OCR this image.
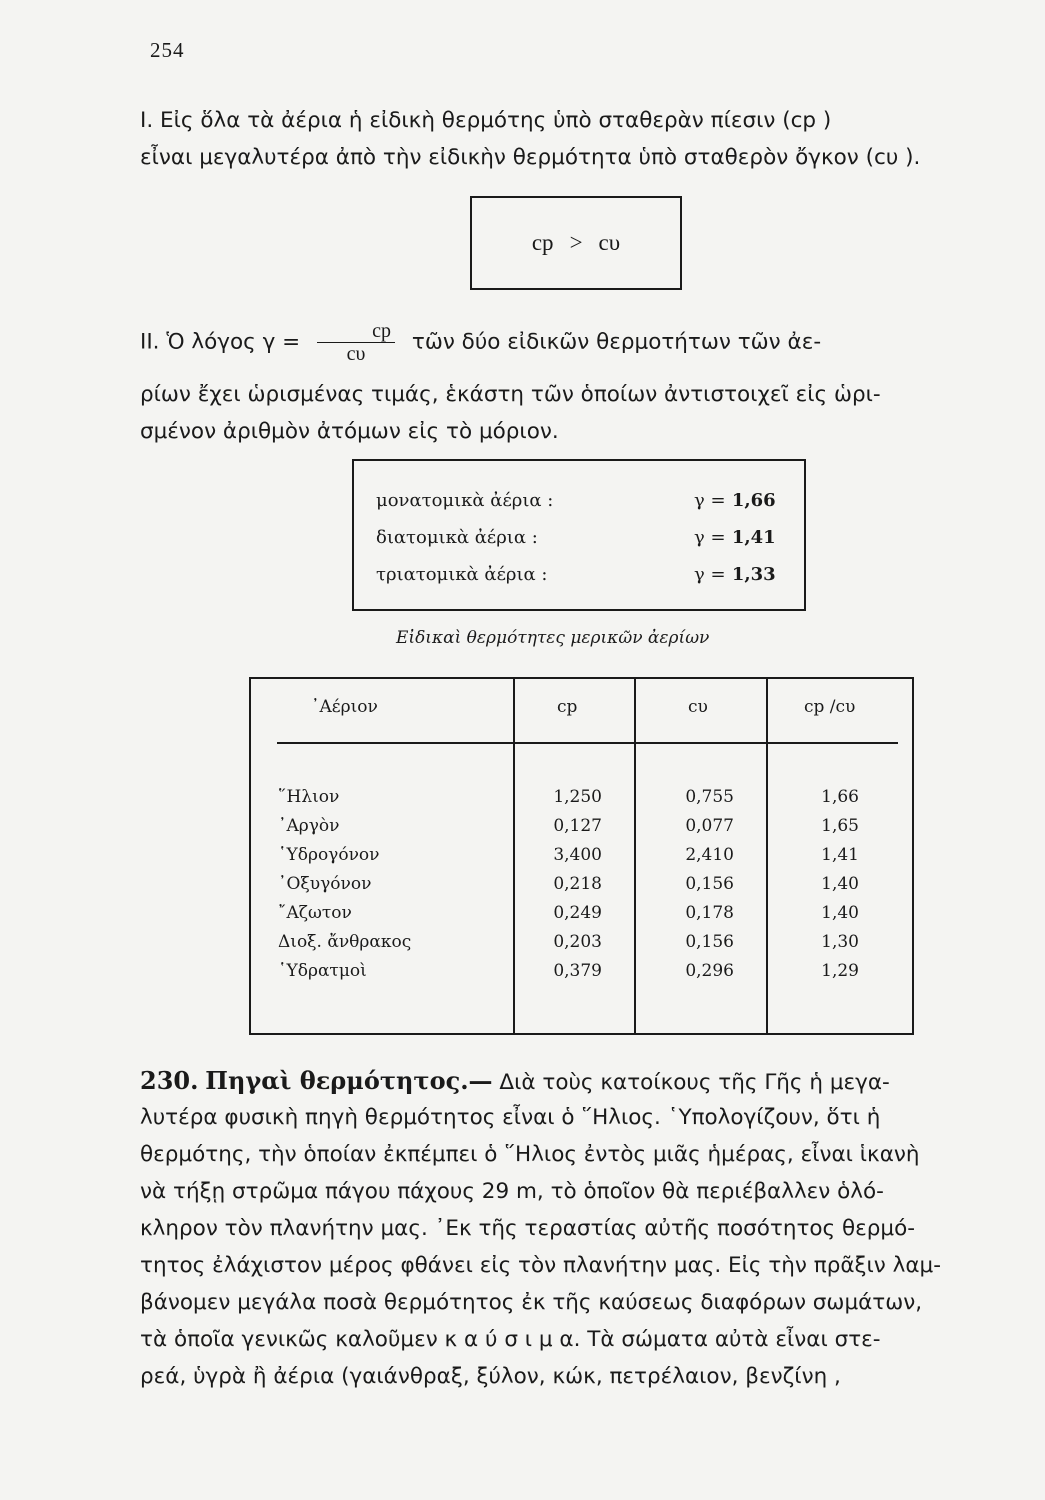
254
I. Εἰς ὅλα τὰ ἀέρια ἡ εἰδικὴ θερμότης ὑπὸ σταθερὰν πίεσιν (cp )
εἶναι μεγαλυτέρα ἀπὸ τὴν εἰδικὴν θερμότητα ὑπὸ σταθερὸν ὄγκον (cυ ).
cp > cυ
II. Ὁ λόγος $\gamma = \frac{cp}{c\upsilon}$ τῶν δύο εἰδικῶν θερμοτήτων τῶν ἀε-
ρίων ἔχει ὡρισμένας τιμάς, ἑκάστη τῶν ὁποίων ἀντιστοιχεῖ εἰς ὡρι-
σμένον ἀριθμὸν ἀτόμων εἰς τὸ μόριον.
μονατομικὰ ἀέρια :	γ = 1,66
διατομικὰ ἀέρια :	γ = 1,41
τριατομικὰ ἀέρια :	γ = 1,33
Εἰδικαὶ θερμότητες μερικῶν ἀερίων
᾿Αέριον	cp	cυ	cp /cυ
῞Ηλιον	1,250	0,755	1,66
᾿Αργὸν	0,127	0,077	1,65
῾Υδρογόνον	3,400	2,410	1,41
᾿Οξυγόνον	0,218	0,156	1,40
῎Αζωτον	0,249	0,178	1,40
Διοξ. ἄνθρακος	0,203	0,156	1,30
῾Υδρατμοὶ	0,379	0,296	1,29
230. Πηγαὶ θερμότητος.— Διὰ τοὺς κατοίκους τῆς Γῆς ἡ μεγα-
λυτέρα φυσικὴ πηγὴ θερμότητος εἶναι ὁ ῞Ηλιος. ῾Υπολογίζουν, ὅτι ἡ
θερμότης, τὴν ὁποίαν ἐκπέμπει ὁ ῞Ηλιος ἐντὸς μιᾶς ἡμέρας, εἶναι ἱκανὴ
νὰ τήξῃ στρῶμα πάγου πάχους 29 m, τὸ ὁποῖον θὰ περιέβαλλεν ὁλό-
κληρον τὸν πλανήτην μας. ᾿Εκ τῆς τεραστίας αὐτῆς ποσότητος θερμό-
τητος ἐλάχιστον μέρος φθάνει εἰς τὸν πλανήτην μας. Εἰς τὴν πρᾶξιν λαμ-
βάνομεν μεγάλα ποσὰ θερμότητος ἐκ τῆς καύσεως διαφόρων σωμάτων,
τὰ ὁποῖα γενικῶς καλοῦμεν κ α ύ σ ι μ α. Τὰ σώματα αὐτὰ εἶναι στε-
ρεά, ὑγρὰ ἢ ἀέρια (γαιάνθραξ, ξύλον, κώκ, πετρέλαιον, βενζίνη ,
